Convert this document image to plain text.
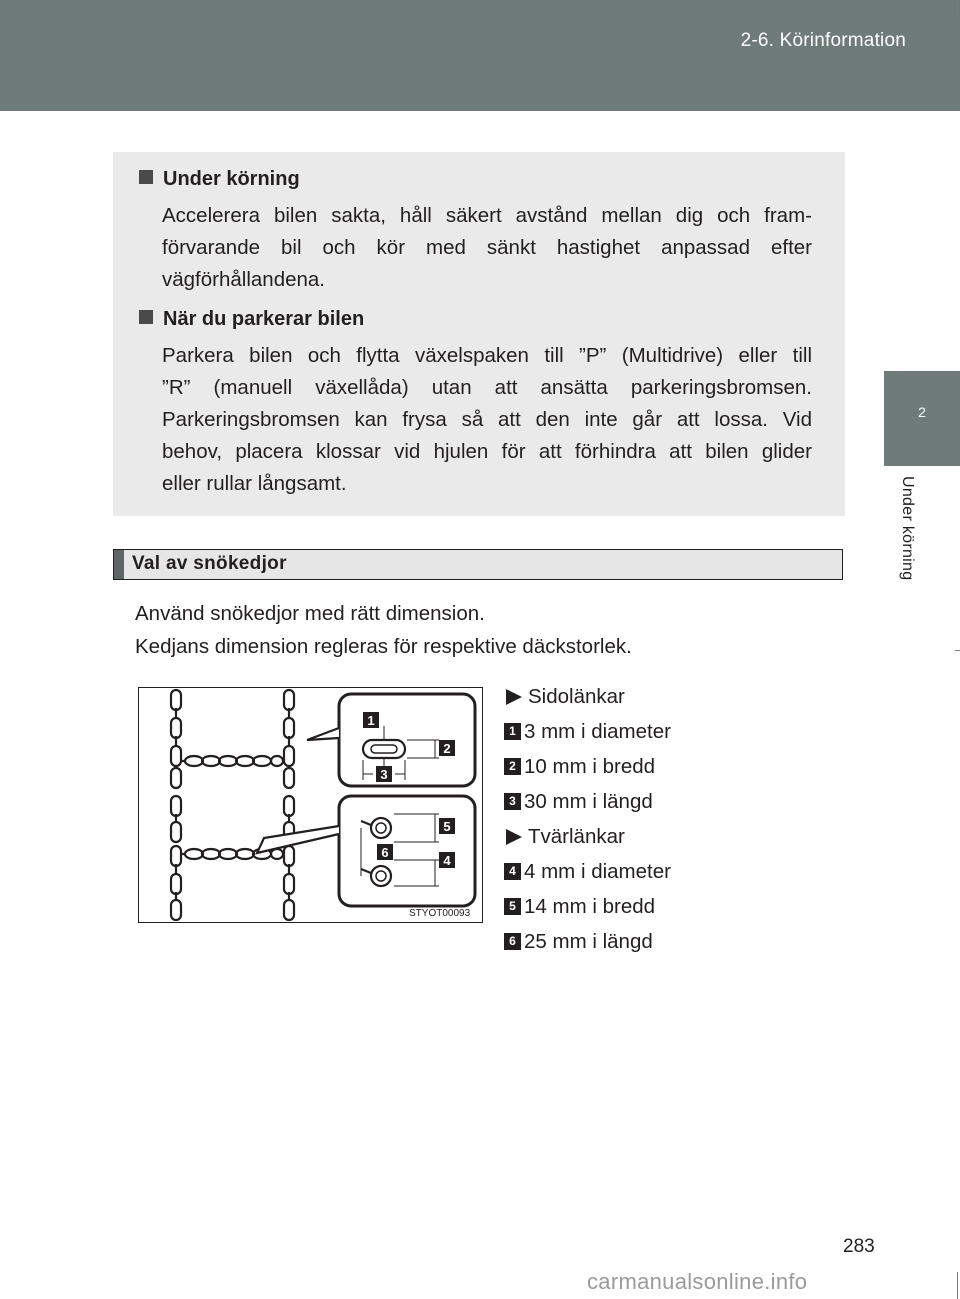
2-6. Körinformation
2
Under körning
Under körning
Accelerera bilen sakta, håll säkert avstånd mellan dig och fram-
förvarande bil och kör med sänkt hastighet anpassad efter
vägförhållandena.
När du parkerar bilen
Parkera bilen och flytta växelspaken till ”P” (Multidrive) eller till
”R” (manuell växellåda) utan att ansätta parkeringsbromsen.
Parkeringsbromsen kan frysa så att den inte går att lossa. Vid
behov, placera klossar vid hjulen för att förhindra att bilen glider
eller rullar långsamt.
Val av snökedjor
Använd snökedjor med rätt dimension.
Kedjans dimension regleras för respektive däckstorlek.
1
2
3
4
5
6
STYOT00093
Sidolänkar
1 3 mm i diameter
2 10 mm i bredd
3 30 mm i längd
Tvärlänkar
4 4 mm i diameter
5 14 mm i bredd
6 25 mm i längd
283
carmanualsonline.info
